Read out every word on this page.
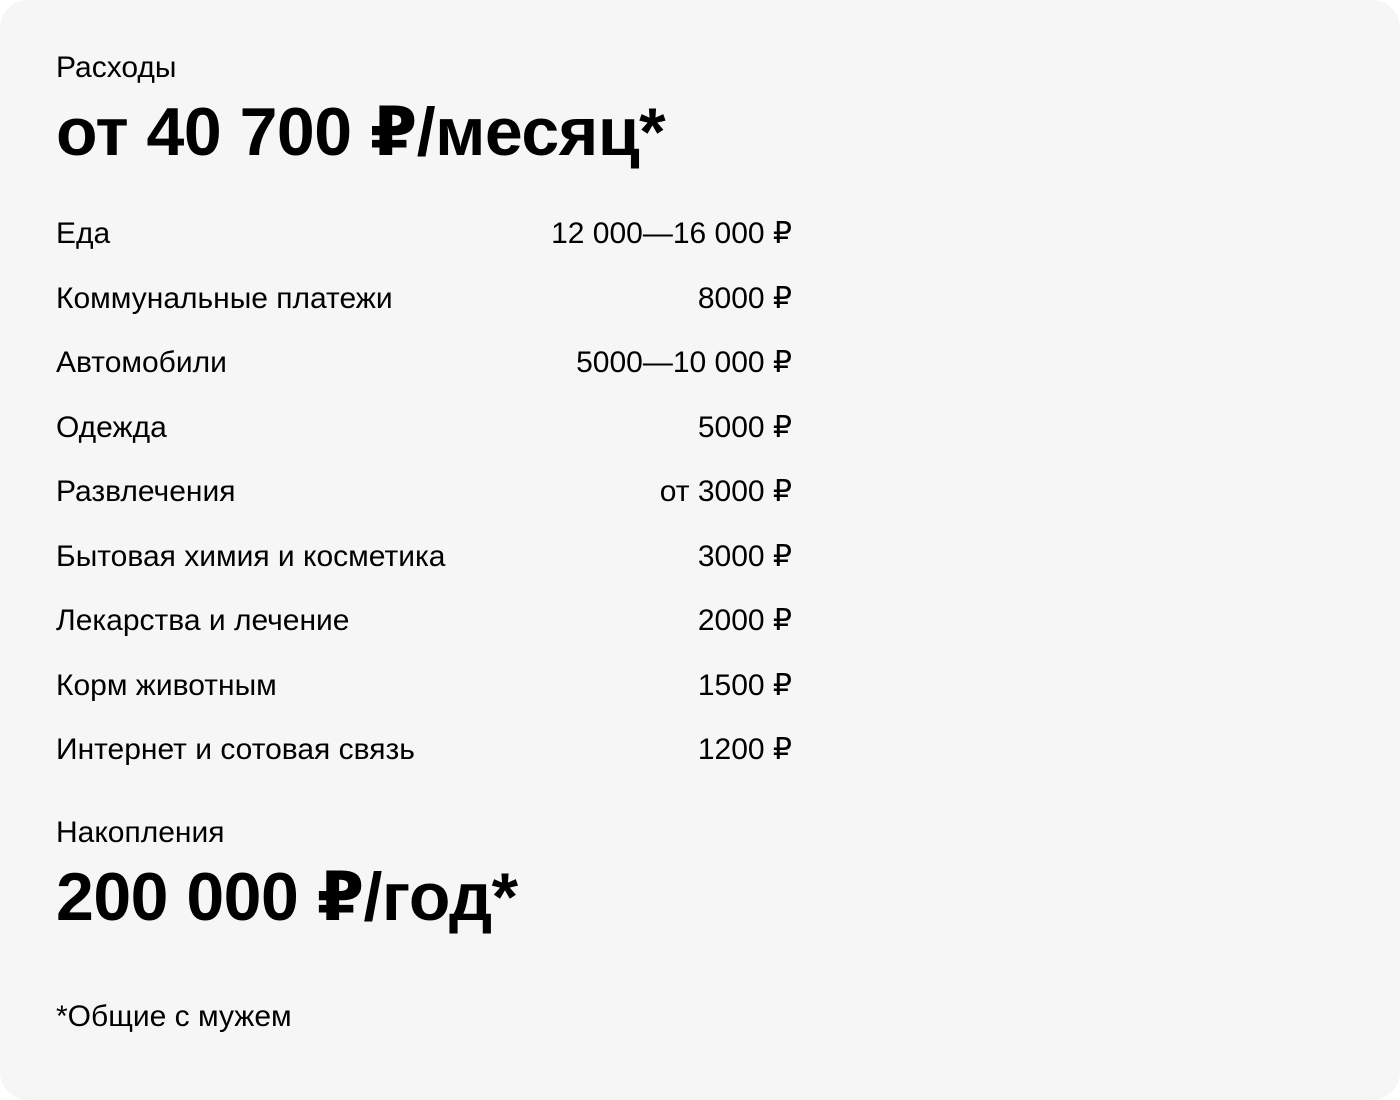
Расходы
от 40 700 ₽/месяц*
Еда	12 000—16 000 ₽
Коммунальные платежи	8000 ₽
Автомобили	5000—10 000 ₽
Одежда	5000 ₽
Развлечения	от 3000 ₽
Бытовая химия и косметика	3000 ₽
Лекарства и лечение	2000 ₽
Корм животным	1500 ₽
Интернет и сотовая связь	1200 ₽
Накопления
200 000 ₽/год*
*Общие с мужем
